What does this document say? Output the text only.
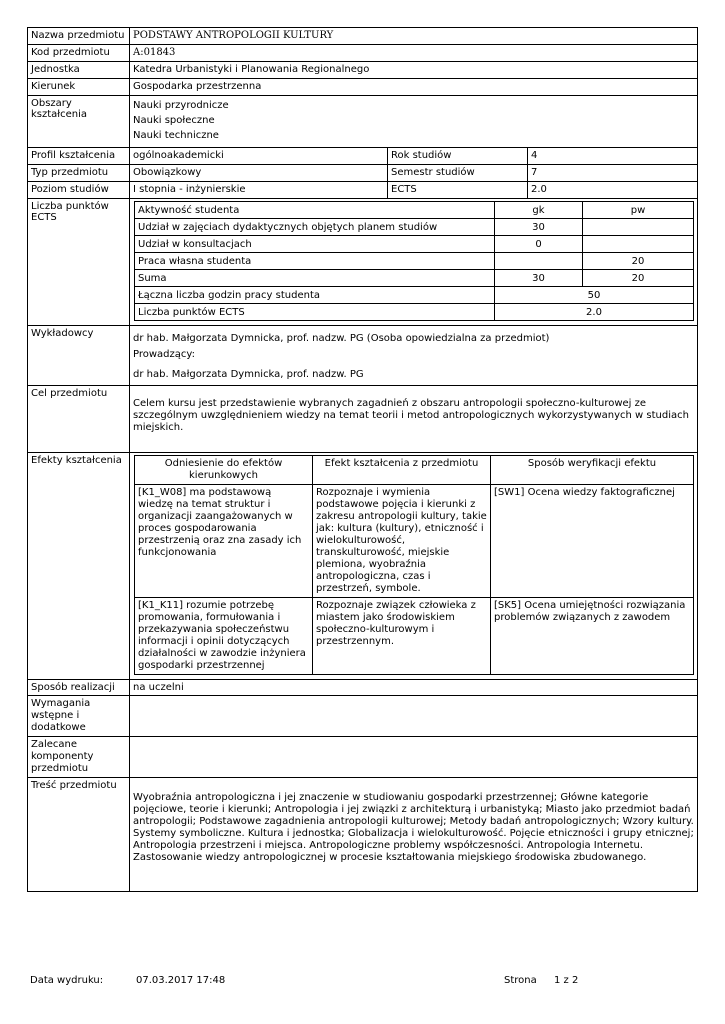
Nazwa przedmiotu	PODSTAWY ANTROPOLOGII KULTURY
Kod przedmiotu	A:01843
Jednostka	Katedra Urbanistyki i Planowania Regionalnego
Kierunek	Gospodarka przestrzenna
Obszary kształcenia	
Nauki przyrodnicze
Nauki społeczne
Nauki techniczne

Profil kształcenia	ogólnoakademicki	Rok studiów	4
Typ przedmiotu	Obowiązkowy	Semestr studiów	7
Poziom studiów	I stopnia - inżynierskie	ECTS	2.0
Liczba punktów ECTS	
Aktywność studenta	gk	pw
Udział w zajęciach dydaktycznych objętych planem studiów	30	
Udział w konsultacjach	0	
Praca własna studenta		20
Suma	30	20
Łączna liczba godzin pracy studenta	50
Liczba punktów ECTS	2.0

Wykładowcy	dr hab. Małgorzata Dymnicka, prof. nadzw. PG (Osoba opowiedzialna za przedmiot)
Prowadzący:
dr hab. Małgorzata Dymnicka, prof. nadzw. PG

Cel przedmiotu	Celem kursu jest przedstawienie wybranych zagadnień z obszaru antropologii społeczno-kulturowej ze szczególnym uwzględnieniem wiedzy na temat teorii i metod antropologicznych wykorzystywanych w studiach miejskich.
Efekty kształcenia		Odniesienie do efektów kierunkowych	Efekt kształcenia z przedmiotu	Sposób weryfikacji efektu
[K1_W08] ma podstawową wiedzę na temat struktur i organizacji zaangażowanych w proces gospodarowania przestrzenią oraz zna zasady ich funkcjonowania	Rozpoznaje i wymienia podstawowe pojęcia i kierunki z zakresu antropologii kultury, takie jak: kultura (kultury), etniczność i wielokulturowość, transkulturowość, miejskie plemiona, wyobraźnia antropologiczna, czas i przestrzeń, symbole.	[SW1] Ocena wiedzy faktograficznej
[K1_K11] rozumie potrzebę promowania, formułowania i przekazywania społeczeństwu informacji i opinii dotyczących działalności w zawodzie inżyniera gospodarki przestrzennej	Rozpoznaje związek człowieka z miastem jako środowiskiem społeczno-kulturowym i przestrzennym.	[SK5] Ocena umiejętności rozwiązania problemów związanych z zawodem

Sposób realizacji	na uczelni
Wymagania wstępne i dodatkowe	
Zalecane komponenty przedmiotu	
Treść przedmiotu	Wyobraźnia antropologiczna i jej znaczenie w studiowaniu gospodarki przestrzennej; Główne kategorie pojęciowe, teorie i kierunki; Antropologia i jej związki z architekturą i urbanistyką; Miasto jako przedmiot badań antropologii; Podstawowe zagadnienia antropologii kulturowej; Metody badań antropologicznych; Wzory kultury. Systemy symboliczne. Kultura i jednostka; Globalizacja i wielokulturowość. Pojęcie etniczności i grupy etnicznej; Antropologia przestrzeni i miejsca. Antropologiczne problemy współczesności. Antropologia Internetu. Zastosowanie wiedzy antropologicznej w procesie kształtowania miejskiego środowiska zbudowanego.
Data wydruku:	07.03.2017 17:48	Strona 1 z 2
